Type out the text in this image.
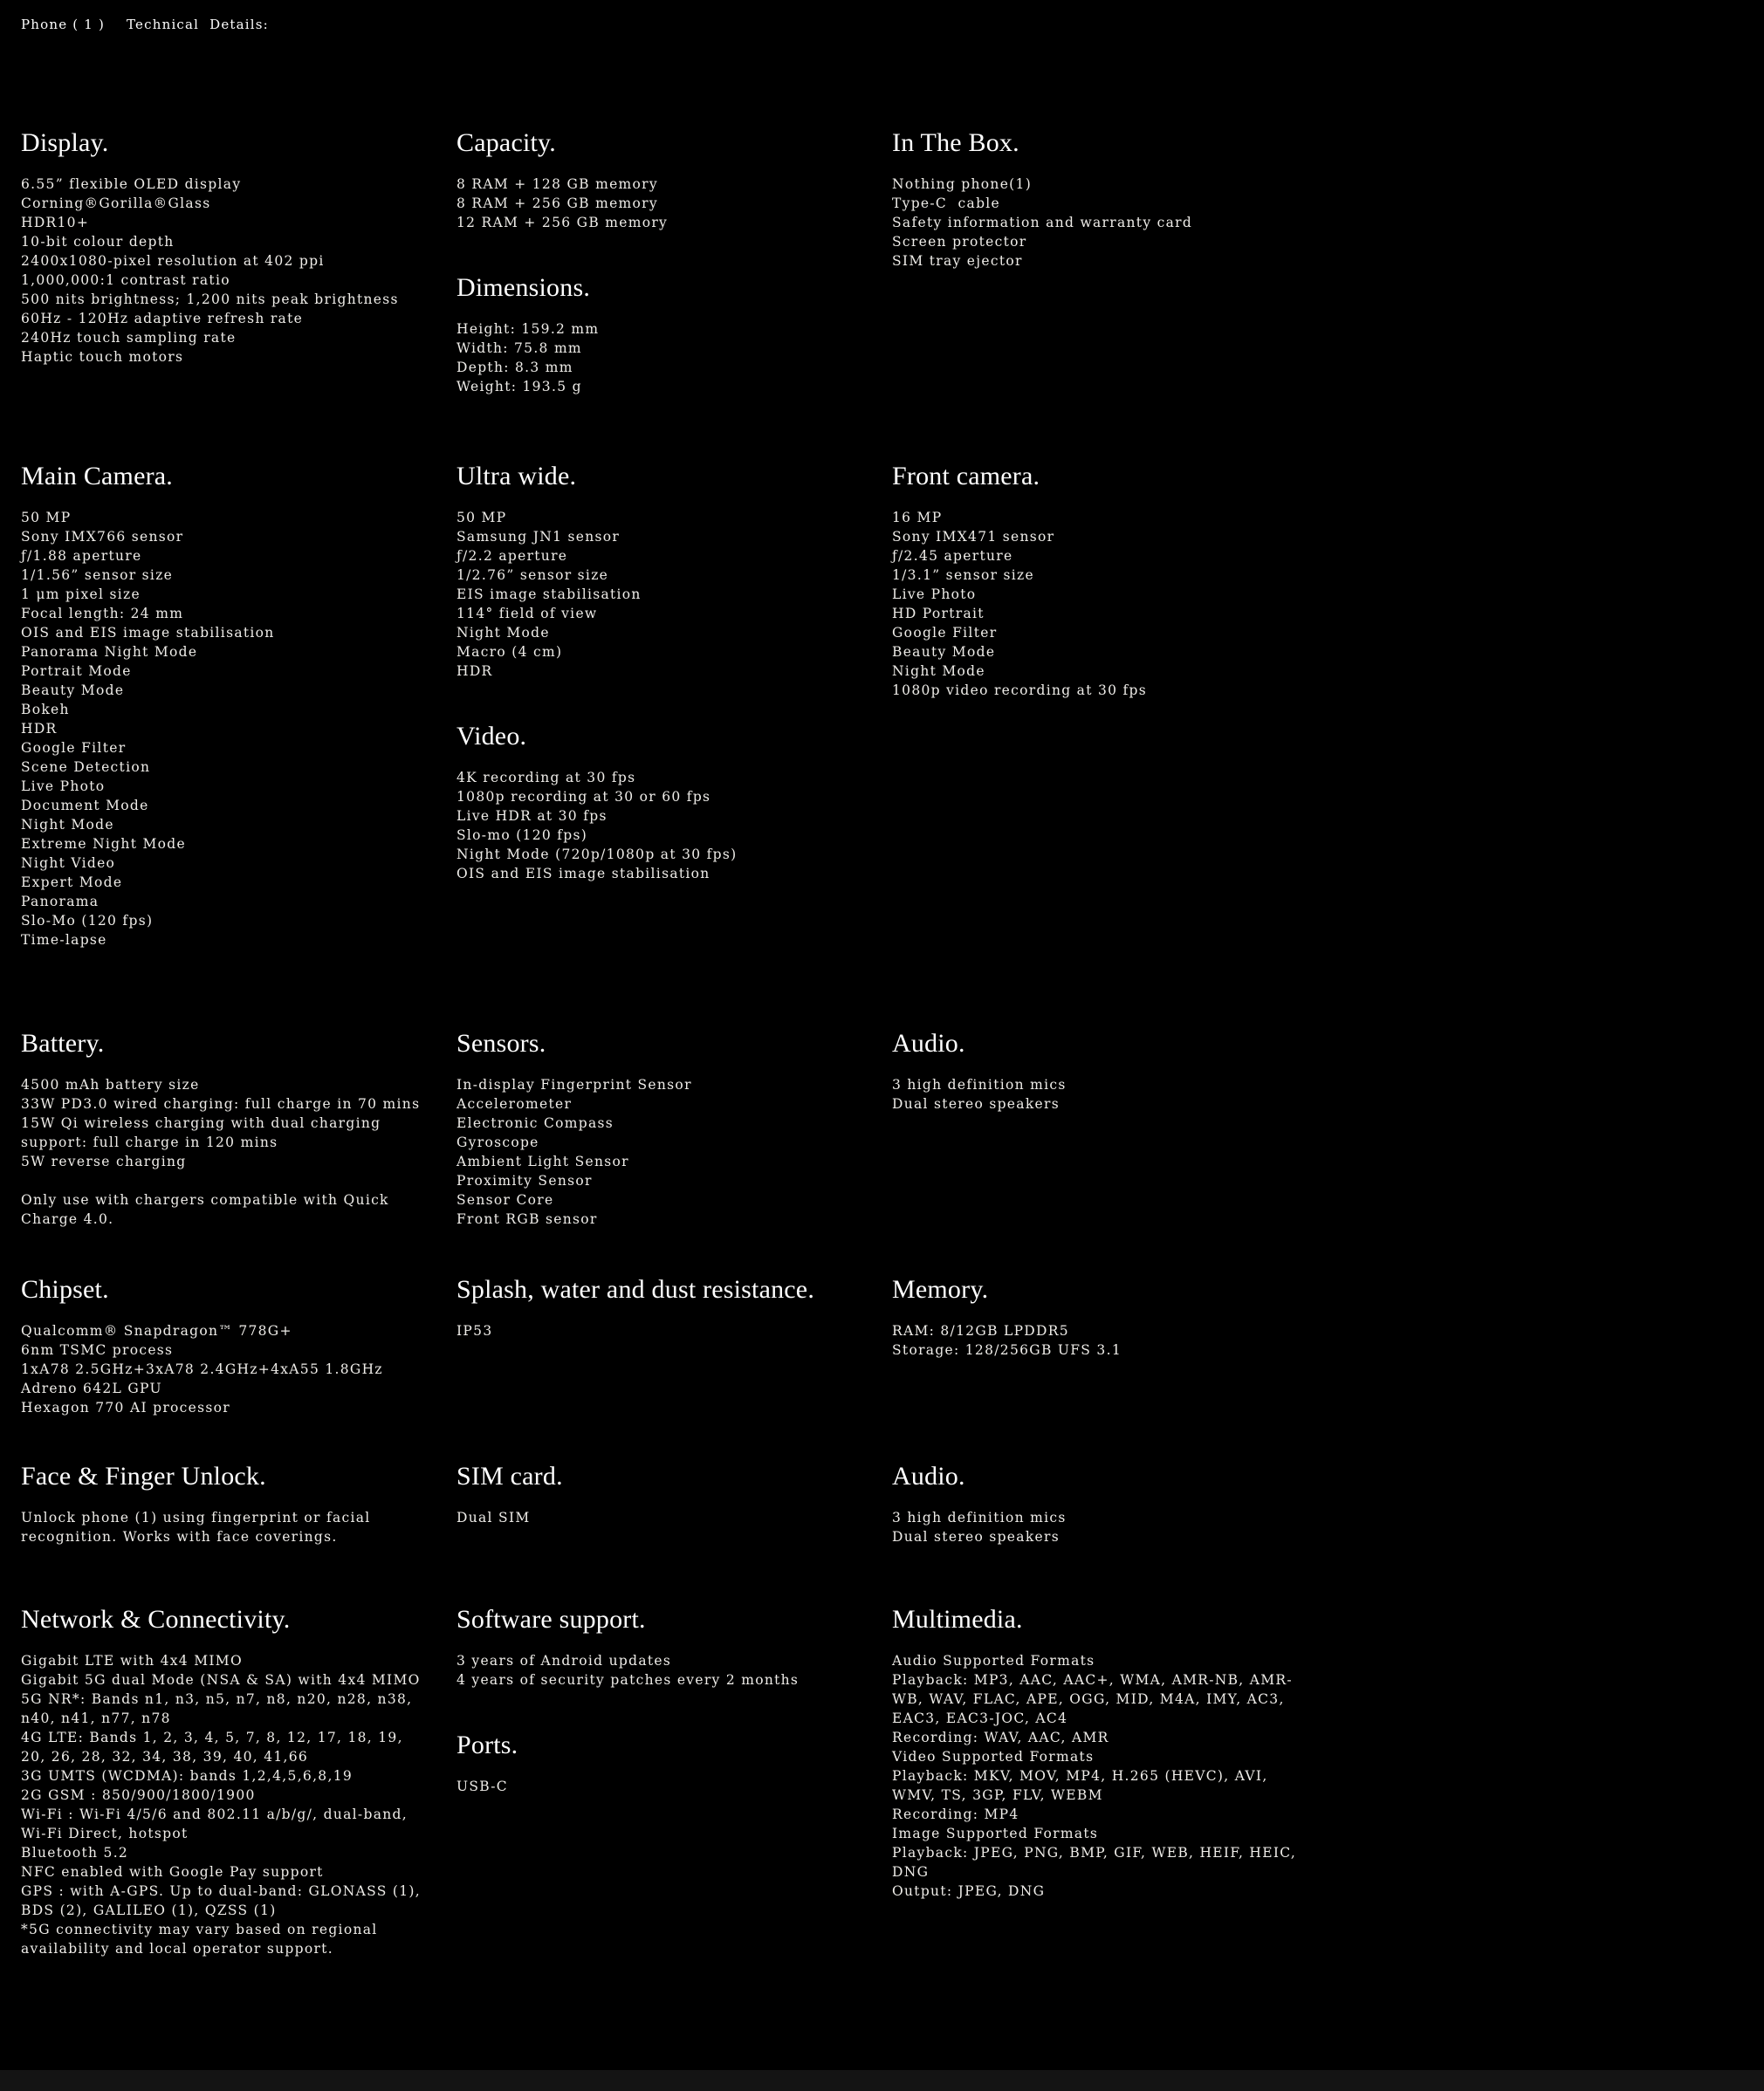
Phone ( 1 ) Technical  Details:
Display.
6.55” flexible OLED display
Corning®Gorilla®Glass
HDR10+
10-bit colour depth
2400x1080-pixel resolution at 402 ppi
1,000,000:1 contrast ratio
500 nits brightness; 1,200 nits peak brightness
60Hz - 120Hz adaptive refresh rate
240Hz touch sampling rate
Haptic touch motors
Capacity.
8 RAM + 128 GB memory
8 RAM + 256 GB memory
12 RAM + 256 GB memory
Dimensions.
Height: 159.2 mm
Width: 75.8 mm
Depth: 8.3 mm
Weight: 193.5 g
In The Box.
Nothing phone(1)
Type-C  cable
Safety information and warranty card
Screen protector
SIM tray ejector
Main Camera.
50 MP
Sony IMX766 sensor
ƒ/1.88 aperture
1/1.56” sensor size
1 μm pixel size
Focal length: 24 mm
OIS and EIS image stabilisation
Panorama Night Mode
Portrait Mode
Beauty Mode
Bokeh
HDR
Google Filter
Scene Detection
Live Photo
Document Mode
Night Mode
Extreme Night Mode
Night Video
Expert Mode
Panorama
Slo-Mo (120 fps)
Time-lapse
Ultra wide.
50 MP
Samsung JN1 sensor
ƒ/2.2 aperture
1/2.76” sensor size
EIS image stabilisation
114° field of view
Night Mode
Macro (4 cm)
HDR
Video.
4K recording at 30 fps
1080p recording at 30 or 60 fps
Live HDR at 30 fps
Slo-mo (120 fps)
Night Mode (720p/1080p at 30 fps)
OIS and EIS image stabilisation
Front camera.
16 MP
Sony IMX471 sensor
ƒ/2.45 aperture
1/3.1” sensor size
Live Photo
HD Portrait
Google Filter
Beauty Mode
Night Mode
1080p video recording at 30 fps
Battery.
4500 mAh battery size
33W PD3.0 wired charging: full charge in 70 mins
15W Qi wireless charging with dual charging support: full charge in 120 mins
5W reverse charging
Only use with chargers compatible with Quick Charge 4.0.
Sensors.
In-display Fingerprint Sensor
Accelerometer
Electronic Compass
Gyroscope
Ambient Light Sensor
Proximity Sensor
Sensor Core
Front RGB sensor
Audio.
3 high definition mics
Dual stereo speakers
Chipset.
Qualcomm® Snapdragon™ 778G+
6nm TSMC process
1xA78 2.5GHz+3xA78 2.4GHz+4xA55 1.8GHz
Adreno 642L GPU
Hexagon 770 AI processor
Splash, water and dust resistance.
IP53
Memory.
RAM: 8/12GB LPDDR5
Storage: 128/256GB UFS 3.1
Face & Finger Unlock.
Unlock phone (1) using fingerprint or facial recognition. Works with face coverings.
SIM card.
Dual SIM
Audio.
3 high definition mics
Dual stereo speakers
Network & Connectivity.
Gigabit LTE with 4x4 MIMO
Gigabit 5G dual Mode (NSA & SA) with 4x4 MIMO
5G NR*: Bands n1, n3, n5, n7, n8, n20, n28, n38, n40, n41, n77, n78
4G LTE: Bands 1, 2, 3, 4, 5, 7, 8, 12, 17, 18, 19, 20, 26, 28, 32, 34, 38, 39, 40, 41,66
3G UMTS (WCDMA): bands 1,2,4,5,6,8,19
2G GSM : 850/900/1800/1900
Wi-Fi : Wi-Fi 4/5/6 and 802.11 a/b/g/, dual-band, Wi-Fi Direct, hotspot
Bluetooth 5.2
NFC enabled with Google Pay support
GPS : with A-GPS. Up to dual-band: GLONASS (1), BDS (2), GALILEO (1), QZSS (1)
*5G connectivity may vary based on regional availability and local operator support.
Software support.
3 years of Android updates
4 years of security patches every 2 months
Ports.
USB-C
Multimedia.
Audio Supported Formats
Playback: MP3, AAC, AAC+, WMA, AMR-NB, AMR-WB, WAV, FLAC, APE, OGG, MID, M4A, IMY, AC3, EAC3, EAC3-JOC, AC4
Recording: WAV, AAC, AMR
Video Supported Formats
Playback: MKV, MOV, MP4, H.265 (HEVC), AVI, WMV, TS, 3GP, FLV, WEBM
Recording: MP4
Image Supported Formats
Playback: JPEG, PNG, BMP, GIF, WEB, HEIF, HEIC, DNG
Output: JPEG, DNG
